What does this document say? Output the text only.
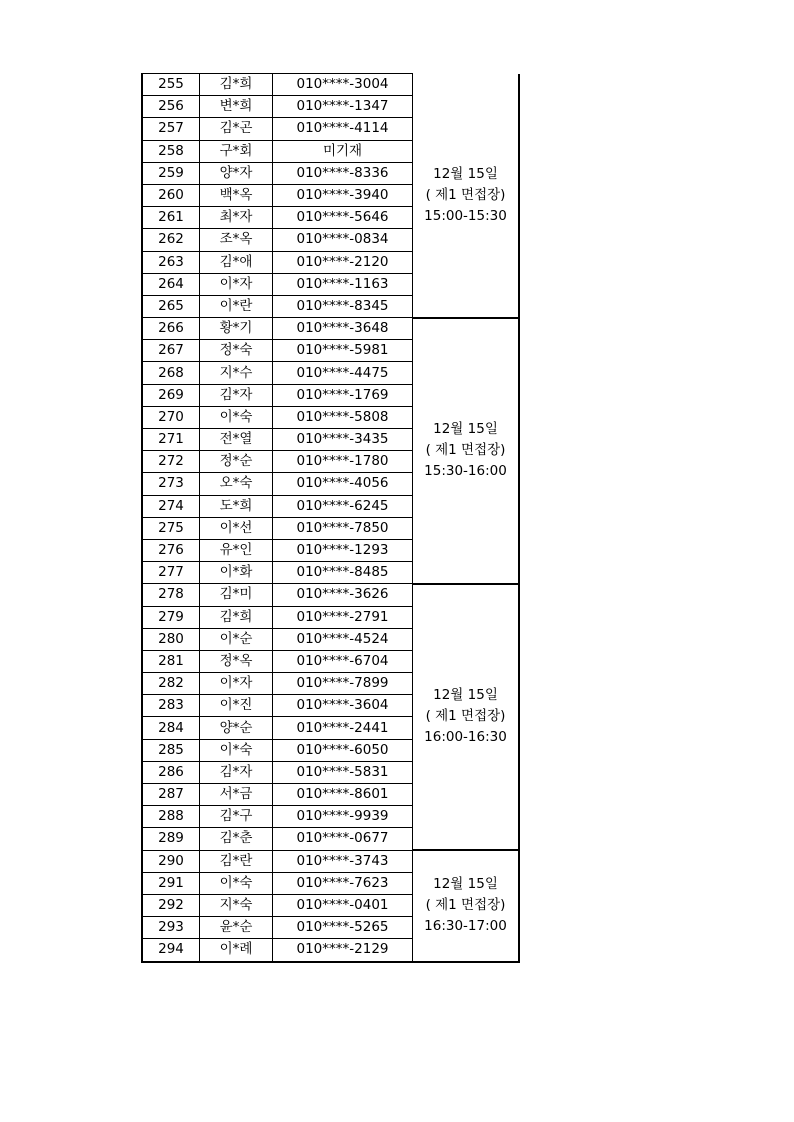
255	김*희	010****-3004	12월 15일
( 제1 면접장)
15:00-15:30

256	변*희	010****-1347	
257	김*곤	010****-4114	
258	구*회	미기재	
259	양*자	010****-8336	
260	백*옥	010****-3940	
261	최*자	010****-5646	
262	조*옥	010****-0834	
263	김*애	010****-2120	
264	이*자	010****-1163	
265	이*란	010****-8345	
266	황*기	010****-3648	12월 15일
( 제1 면접장)
15:30-16:00

267	정*숙	010****-5981	
268	지*수	010****-4475	
269	김*자	010****-1769	
270	이*숙	010****-5808	
271	전*열	010****-3435	
272	정*순	010****-1780	
273	오*숙	010****-4056	
274	도*희	010****-6245	
275	이*선	010****-7850	
276	유*인	010****-1293	
277	이*화	010****-8485	
278	김*미	010****-3626	12월 15일
( 제1 면접장)
16:00-16:30

279	김*희	010****-2791	
280	이*순	010****-4524	
281	정*옥	010****-6704	
282	이*자	010****-7899	
283	이*진	010****-3604	
284	양*순	010****-2441	
285	이*숙	010****-6050	
286	김*자	010****-5831	
287	서*금	010****-8601	
288	김*구	010****-9939	
289	김*춘	010****-0677	
290	김*란	010****-3743	12월 15일
( 제1 면접장)
16:30-17:00

291	이*숙	010****-7623	
292	지*숙	010****-0401	
293	윤*순	010****-5265	
294	이*례	010****-2129	
